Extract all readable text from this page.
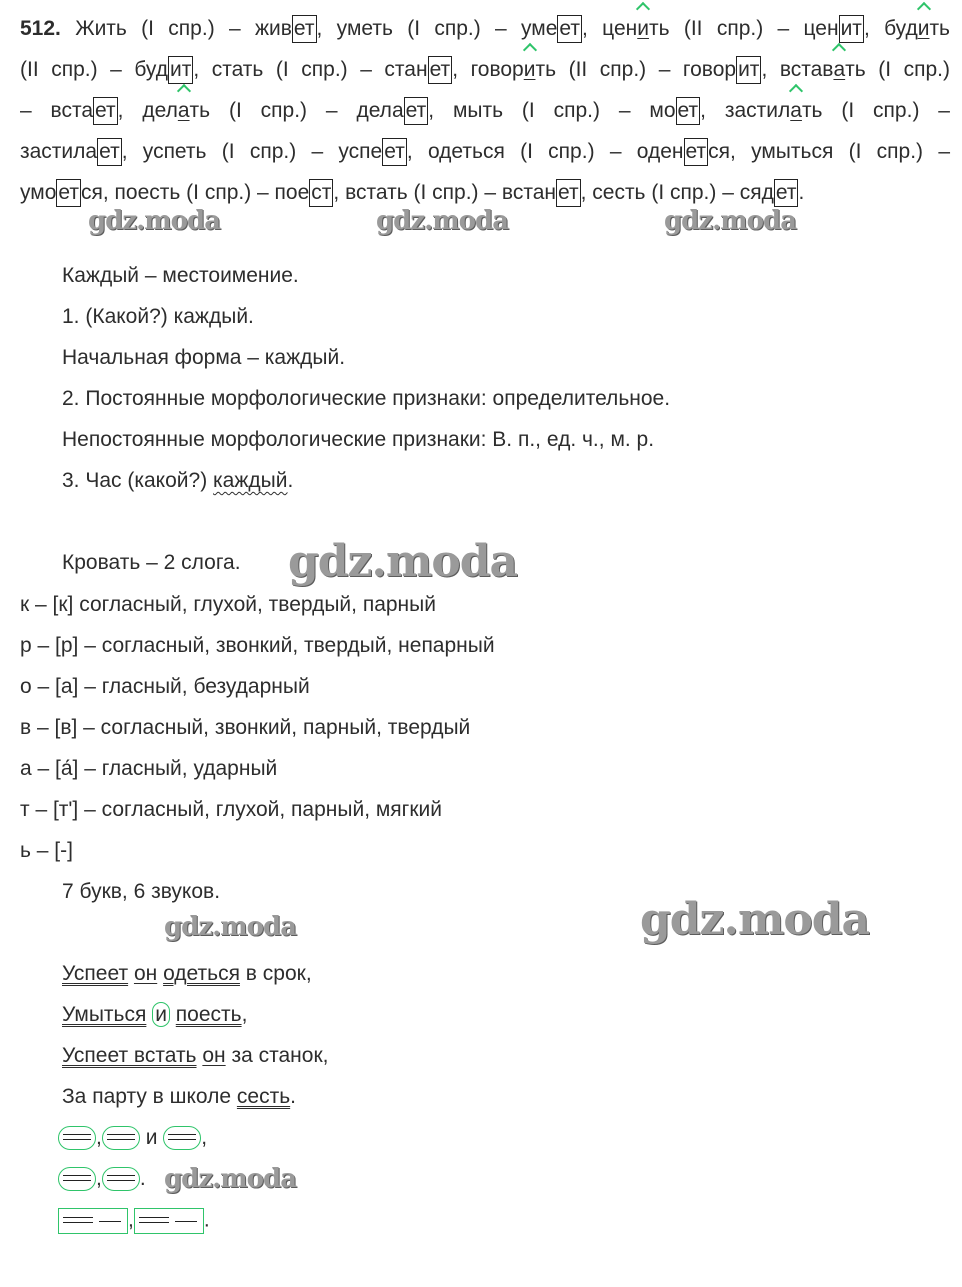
512. Жить (I спр.) – живет, уметь (I спр.) – умеет, ценить (II спр.) – ценит, будить
(II спр.) – будит, стать (I спр.) – станет, говорить (II спр.) – говорит, вставать (I спр.)
– встает, делать (I спр.) – делает, мыть (I спр.) – моет, застилать (I спр.) –
застилает, успеть (I спр.) – успеет, одеться (I спр.) – оденется, умыться (I спр.) –
умоется, поесть (I спр.) – поест, встать (I спр.) – встанет, сесть (I спр.) – сядет.
gdz.moda	gdz.moda	gdz.moda
gdz.moda
gdz.moda
gdz.moda
gdz.moda
Каждый – местоимение.
1. (Какой?) каждый.
Начальная форма – каждый.
2. Постоянные морфологические признаки: определительное.
Непостоянные морфологические признаки: В. п., ед. ч., м. р.
3. Час (какой?) каждый.
Кровать – 2 слога.
к – [к] согласный, глухой, твердый, парный
р – [р] – согласный, звонкий, твердый, непарный
о – [а] – гласный, безударный
в – [в] – согласный, звонкий, парный, твердый
а – [а́] – гласный, ударный
т – [т'] – согласный, глухой, парный, мягкий
ь – [-]
7 букв, 6 звуков.
Успеет он одеться в срок,
Умыться и поесть,
Успеет встать он за станок,
За парту в школе сесть.
, и ,
, .
,	.
